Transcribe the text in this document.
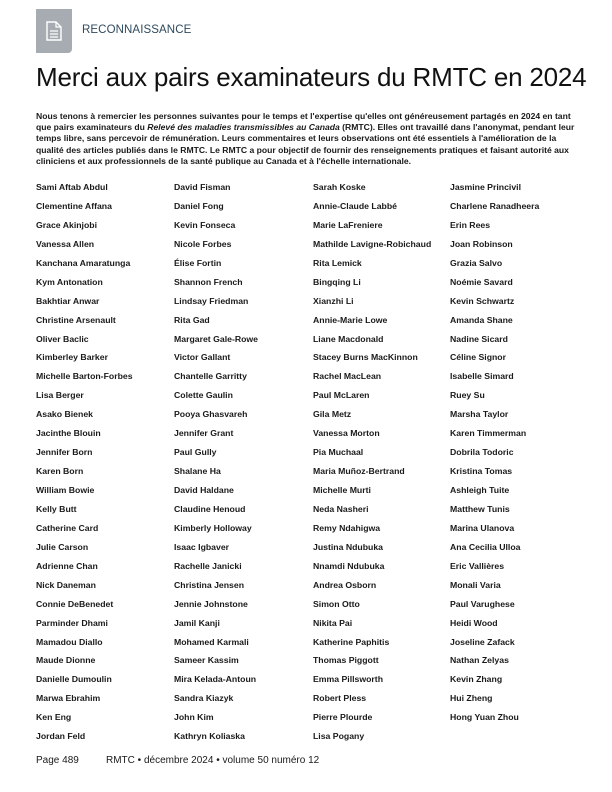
RECONNAISSANCE
Merci aux pairs examinateurs du RMTC en 2024

Nous tenons à remercier les personnes suivantes pour le temps et l'expertise qu'elles ont généreusement partagés en 2024 en tant que pairs examinateurs du Relevé des maladies transmissibles au Canada (RMTC). Elles ont travaillé dans l'anonymat, pendant leur temps libre, sans percevoir de rémunération. Leurs commentaires et leurs observations ont été essentiels à l'amélioration de la qualité des articles publiés dans le RMTC. Le RMTC a pour objectif de fournir des renseignements pratiques et faisant autorité aux cliniciens et aux professionnels de la santé publique au Canada et à l'échelle internationale.

Sami Aftab Abdul
Clementine Affana
Grace Akinjobi
Vanessa Allen
Kanchana Amaratunga
Kym Antonation
Bakhtiar Anwar
Christine Arsenault
Oliver Baclic
Kimberley Barker
Michelle Barton-Forbes
Lisa Berger
Asako Bienek
Jacinthe Blouin
Jennifer Born
Karen Born
William Bowie
Kelly Butt
Catherine Card
Julie Carson
Adrienne Chan
Nick Daneman
Connie DeBenedet
Parminder Dhami
Mamadou Diallo
Maude Dionne
Danielle Dumoulin
Marwa Ebrahim
Ken Eng
Jordan Feld
David Fisman
Daniel Fong
Kevin Fonseca
Nicole Forbes
Élise Fortin
Shannon French
Lindsay Friedman
Rita Gad
Margaret Gale-Rowe
Victor Gallant
Chantelle Garritty
Colette Gaulin
Pooya Ghasvareh
Jennifer Grant
Paul Gully
Shalane Ha
David Haldane
Claudine Henoud
Kimberly Holloway
Isaac Igbaver
Rachelle Janicki
Christina Jensen
Jennie Johnstone
Jamil Kanji
Mohamed Karmali
Sameer Kassim
Mira Kelada-Antoun
Sandra Kiazyk
John Kim
Kathryn Koliaska
Sarah Koske
Annie-Claude Labbé
Marie LaFreniere
Mathilde Lavigne-Robichaud
Rita Lemick
Bingqing Li
Xianzhi Li
Annie-Marie Lowe
Liane Macdonald
Stacey Burns MacKinnon
Rachel MacLean
Paul McLaren
Gila Metz
Vanessa Morton
Pia Muchaal
Maria Muñoz-Bertrand
Michelle Murti
Neda Nasheri
Remy Ndahigwa
Justina Ndubuka
Nnamdi Ndubuka
Andrea Osborn
Simon Otto
Nikita Pai
Katherine Paphitis
Thomas Piggott
Emma Pillsworth
Robert Pless
Pierre Plourde
Lisa Pogany
Jasmine Princivil
Charlene Ranadheera
Erin Rees
Joan Robinson
Grazia Salvo
Noémie Savard
Kevin Schwartz
Amanda Shane
Nadine Sicard
Céline Signor
Isabelle Simard
Ruey Su
Marsha Taylor
Karen Timmerman
Dobrila Todoric
Kristina Tomas
Ashleigh Tuite
Matthew Tunis
Marina Ulanova
Ana Cecilia Ulloa
Eric Vallières
Monali Varia
Paul Varughese
Heidi Wood
Joseline Zafack
Nathan Zelyas
Kevin Zhang
Hui Zheng
Hong Yuan Zhou
Page 489	RMTC • décembre 2024 • volume 50 numéro 12
